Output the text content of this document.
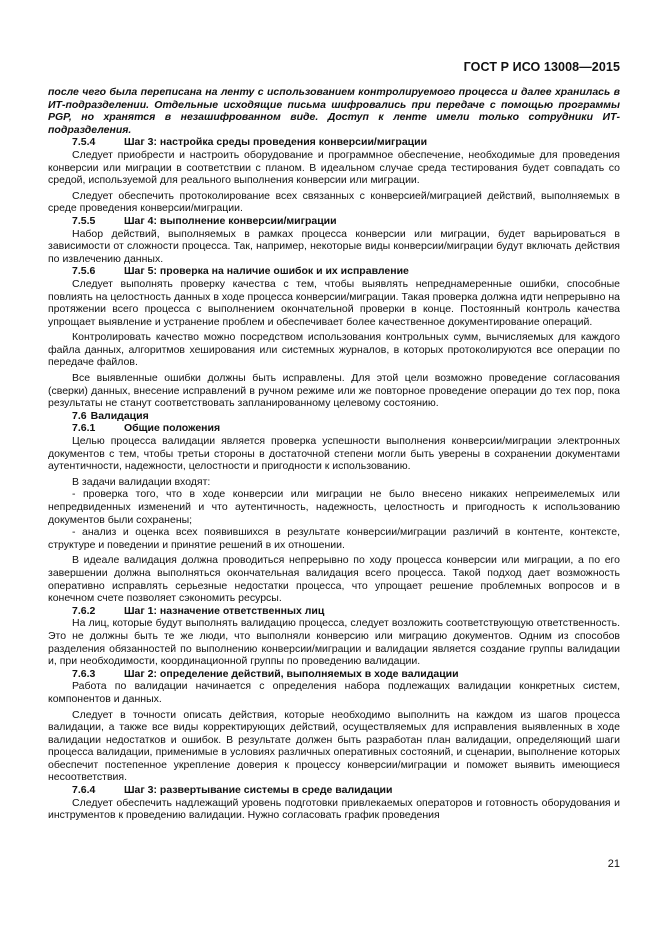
ГОСТ Р ИСО 13008—2015

после чего была переписана на ленту с использованием контролируемого процесса и далее хранилась в ИТ-подразделении. Отдельные исходящие письма шифровались при передаче с помощью программы PGP, но хранятся в незашифрованном виде. Доступ к ленте имели только сотрудники ИТ-подразделения.

7.5.4	Шаг 3: настройка среды проведения конверсии/миграции

Следует приобрести и настроить оборудование и программное обеспечение, необходимые для проведения конверсии или миграции в соответствии с планом. В идеальном случае среда тестирования будет совпадать со средой, используемой для реального выполнения конверсии или миграции.

Следует обеспечить протоколирование всех связанных с конверсией/миграцией действий, выполняемых в среде проведения конверсии/миграции.

7.5.5	Шаг 4: выполнение конверсии/миграции

Набор действий, выполняемых в рамках процесса конверсии или миграции, будет варьироваться в зависимости от сложности процесса. Так, например, некоторые виды конверсии/миграции будут включать действия по извлечению данных.

7.5.6	Шаг 5: проверка на наличие ошибок и их исправление

Следует выполнять проверку качества с тем, чтобы выявлять непреднамеренные ошибки, способные повлиять на целостность данных в ходе процесса конверсии/миграции. Такая проверка должна идти непрерывно на протяжении всего процесса с выполнением окончательной проверки в конце. Постоянный контроль качества упрощает выявление и устранение проблем и обеспечивает более качественное документирование операций.

Контролировать качество можно посредством использования контрольных сумм, вычисляемых для каждого файла данных, алгоритмов хеширования или системных журналов, в которых протоколируются все операции по передаче файлов.

Все выявленные ошибки должны быть исправлены. Для этой цели возможно проведение согласования (сверки) данных, внесение исправлений в ручном режиме или же повторное проведение операции до тех пор, пока результаты не станут соответствовать запланированному целевому состоянию.

7.6 Валидация

7.6.1	Общие положения

Целью процесса валидации является проверка успешности выполнения конверсии/миграции электронных документов с тем, чтобы третьи стороны в достаточной степени могли быть уверены в сохранении документами аутентичности, надежности, целостности и пригодности к использованию.

В задачи валидации входят:

- проверка того, что в ходе конверсии или миграции не было внесено никаких непреимелемых или непредвиденных изменений и что аутентичность, надежность, целостность и пригодность к использованию документов были сохранены;

- анализ и оценка всех появившихся в результате конверсии/миграции различий в контенте, контексте, структуре и поведении и принятие решений в их отношении.

В идеале валидация должна проводиться непрерывно по ходу процесса конверсии или миграции, а по его завершении должна выполняться окончательная валидация всего процесса. Такой подход дает возможность оперативно исправлять серьезные недостатки процесса, что упрощает решение проблемных вопросов и в конечном счете позволяет сэкономить ресурсы.

7.6.2	Шаг 1: назначение ответственных лиц

На лиц, которые будут выполнять валидацию процесса, следует возложить соответствующую ответственность. Это не должны быть те же люди, что выполняли конверсию или миграцию документов. Одним из способов разделения обязанностей по выполнению конверсии/миграции и валидации является создание группы валидации и, при необходимости, координационной группы по проведению валидации.

7.6.3	Шаг 2: определение действий, выполняемых в ходе валидации

Работа по валидации начинается с определения набора подлежащих валидации конкретных систем, компонентов и данных.

Следует в точности описать действия, которые необходимо выполнить на каждом из шагов процесса валидации, а также все виды корректирующих действий, осуществляемых для исправления выявленных в ходе валидации недостатков и ошибок. В результате должен быть разработан план валидации, определяющий шаги процесса валидации, применимые в условиях различных оперативных состояний, и сценарии, выполнение которых обеспечит постепенное укрепление доверия к процессу конверсии/миграции и поможет выявить имеющиеся несоответствия.

7.6.4	Шаг 3: развертывание системы в среде валидации

Следует обеспечить надлежащий уровень подготовки привлекаемых операторов и готовность оборудования и инструментов к проведению валидации. Нужно согласовать график проведения

21
